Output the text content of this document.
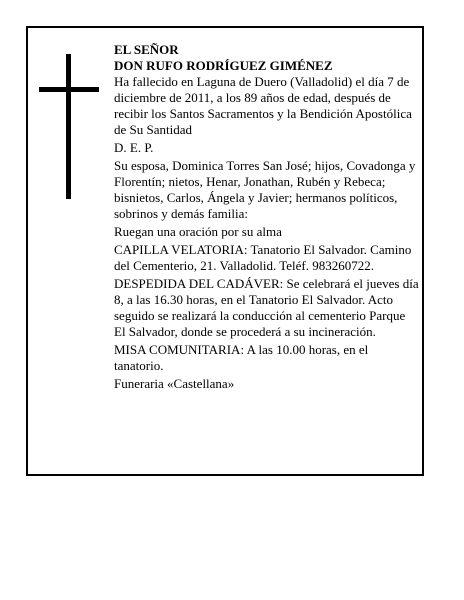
EL SEÑOR

DON RUFO RODRÍGUEZ GIMÉNEZ

Ha fallecido en Laguna de Duero (Valladolid) el día 7 de diciembre de 2011, a los 89 años de edad, después de recibir los Santos Sacramentos y la Bendición Apostólica de Su Santidad

D. E. P.

Su esposa, Dominica Torres San José; hijos, Covadonga y Florentín; nietos, Henar, Jonathan, Rubén y Rebeca; bisnietos, Carlos, Ángela y Javier; hermanos políticos, sobrinos y demás familia:

Ruegan una oración por su alma

CAPILLA VELATORIA: Tanatorio El Salvador. Camino del Cementerio, 21. Valladolid. Teléf. 983260722.

DESPEDIDA DEL CADÁVER: Se celebrará el jueves día 8, a las 16.30 horas, en el Tanatorio El Salvador. Acto seguido se realizará la conducción al cementerio Parque El Salvador, donde se procederá a su incineración.

MISA COMUNITARIA: A las 10.00 horas, en el tanatorio.

Funeraria «Castellana»
